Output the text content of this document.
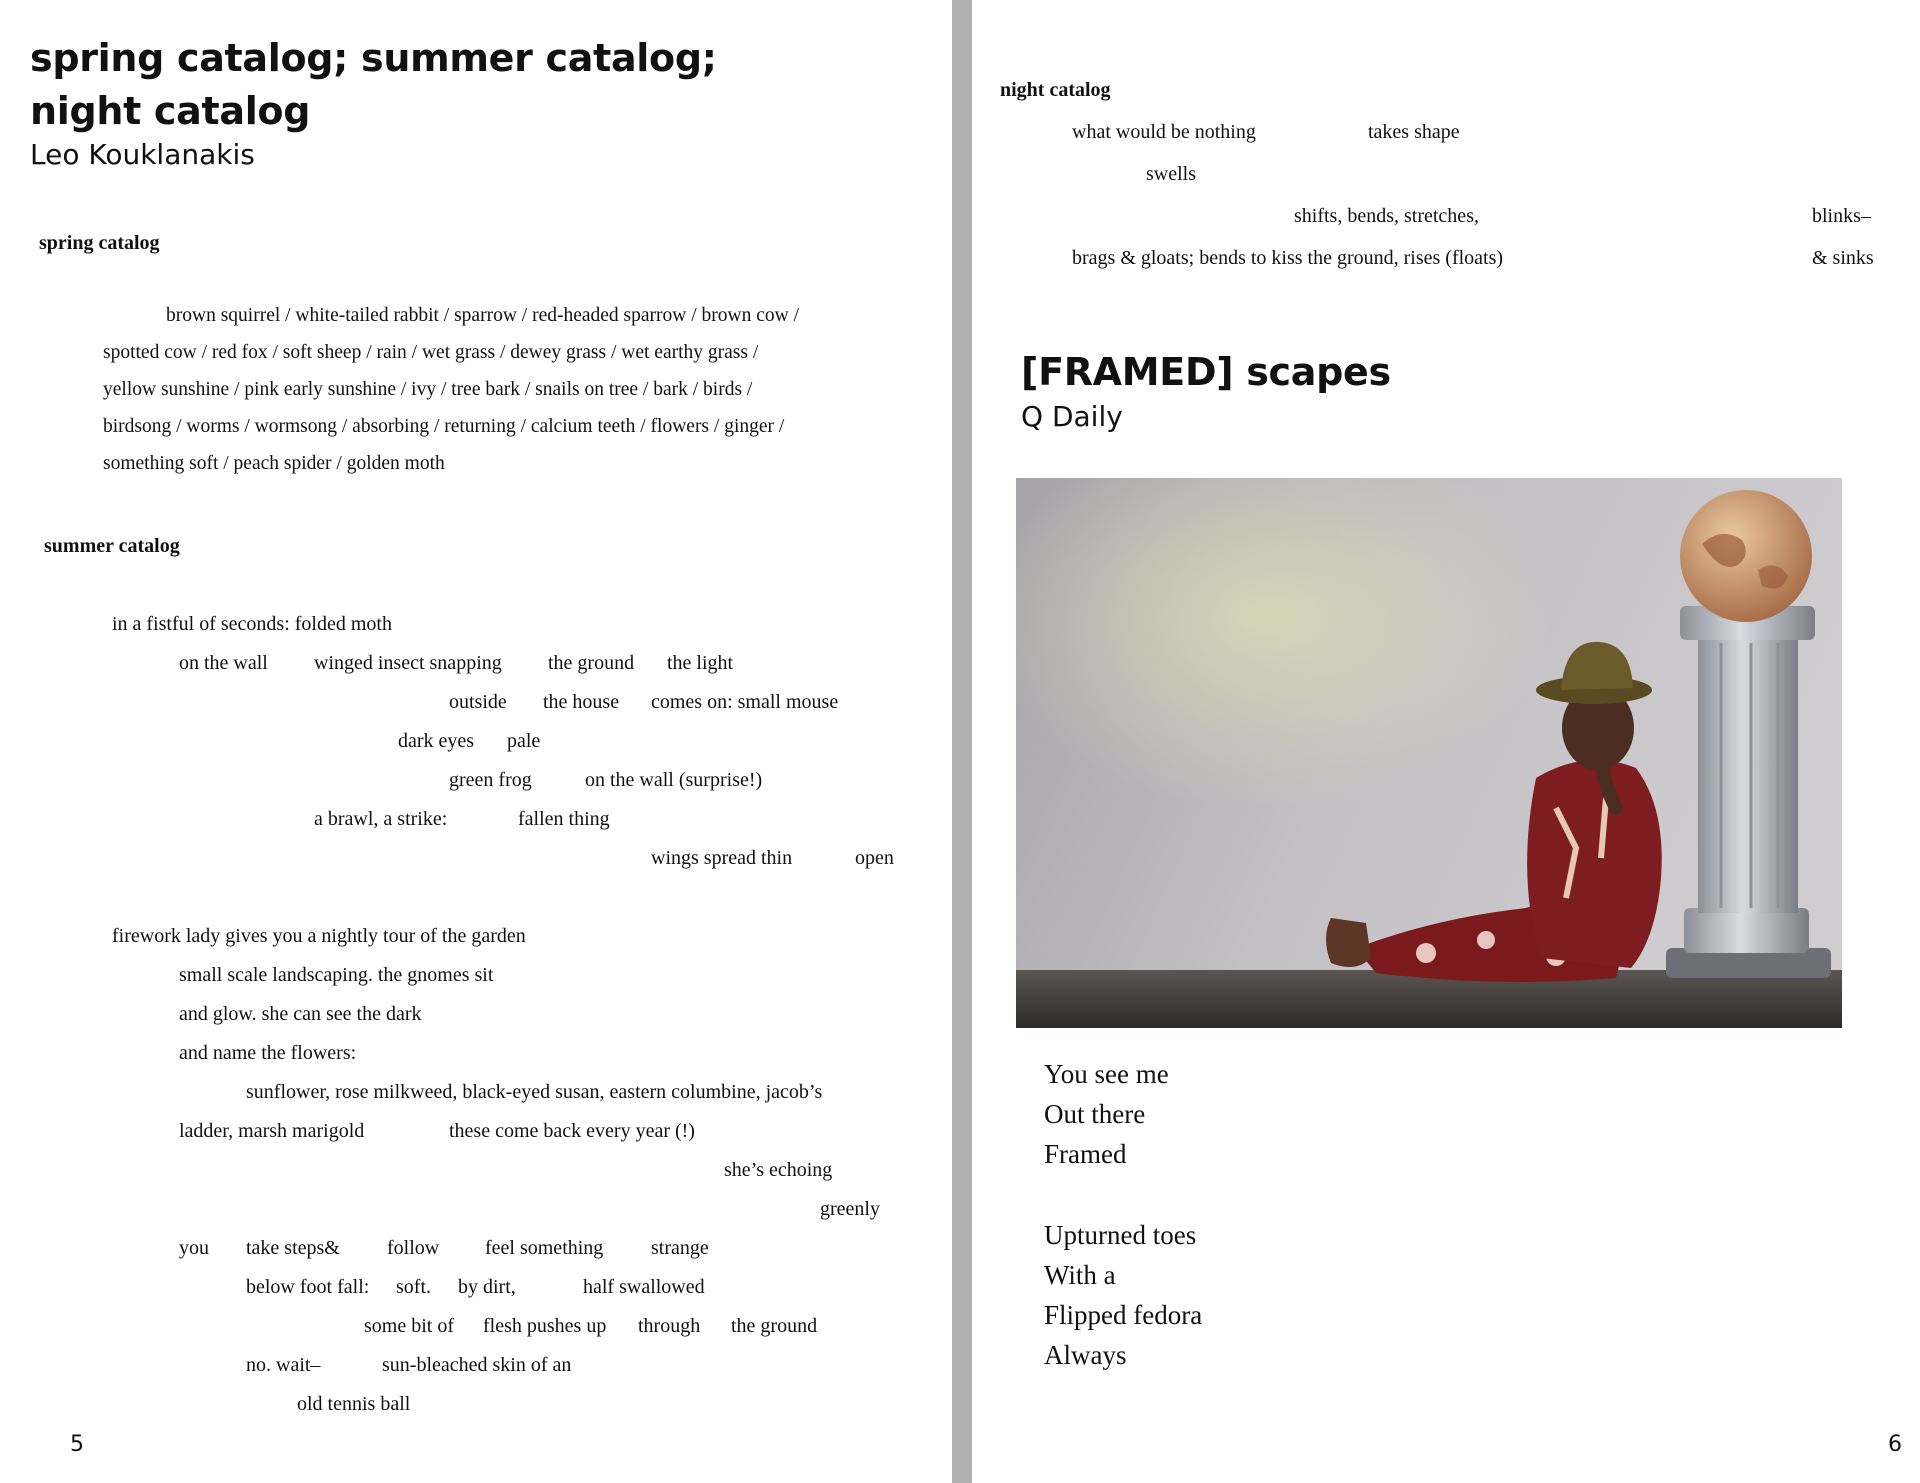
spring catalog; summer catalog;
night catalog
Leo Kouklanakis
spring catalog
brown squirrel / white-tailed rabbit / sparrow / red-headed sparrow / brown cow /
spotted cow / red fox / soft sheep / rain / wet grass / dewey grass / wet earthy grass /
yellow sunshine / pink early sunshine / ivy / tree bark / snails on tree / bark / birds /
birdsong / worms / wormsong / absorbing / returning / calcium teeth / flowers / ginger /
something soft / peach spider / golden moth
summer catalog
in a fistful of seconds: folded moth
on the wall winged insect snapping the ground the light
outside the house comes on: small mouse
dark eyes pale
green frog	on the wall (surprise!)
a brawl, a strike:	fallen thing
wings spread thin	open
firework lady gives you a nightly tour of the garden
small scale landscaping. the gnomes sit
and glow. she can see the dark
and name the flowers:
sunflower, rose milkweed, black-eyed susan, eastern columbine, jacob’s
ladder, marsh marigold	these come back every year (!)
she’s echoing
greenly
you take steps& follow feel something strange
below foot fall: soft. by dirt,	half swallowed
some bit of flesh pushes up through the ground
no. wait–	sun-bleached skin of an
old tennis ball
5
night catalog
what would be nothing	takes shape
swells
shifts, bends, stretches,	blinks–
brags & gloats; bends to kiss the ground, rises (floats)	& sinks
[FRAMED] scapes
Q Daily
You see me
Out there
Framed
Upturned toes
With a
Flipped fedora
Always
6
